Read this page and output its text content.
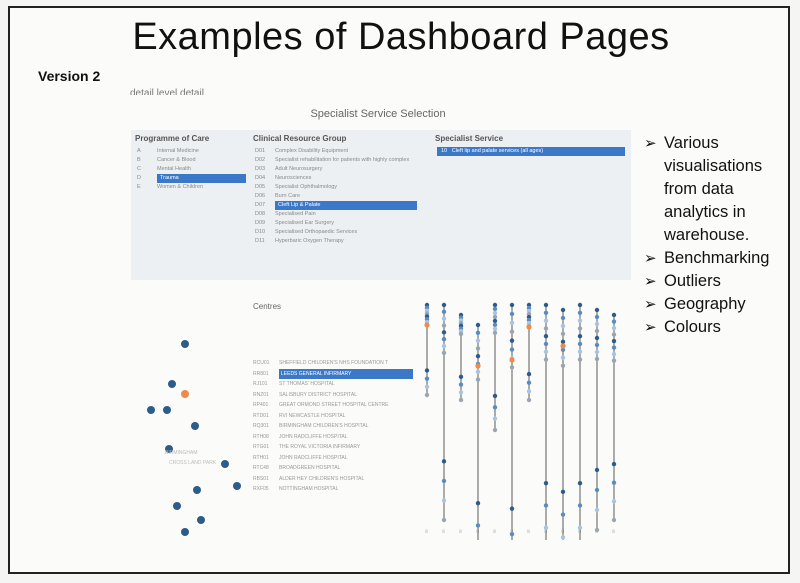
Examples of Dashboard Pages
Version 2
detail level detail.
Specialist Service Selection
Programme of Care
A	Internal Medicine
B	Cancer & Blood
C	Mental Health
D	Trauma
E	Women & Children
Clinical Resource Group
D01	Complex Disability Equipment
D02	Specialist rehabilitation for patients with highly complex
D03	Adult Neurosurgery
D04	Neurosciences
D05	Specialist Ophthalmology
D06	Burn Care
D07	Cleft Lip & Palate
D08	Specialised Pain
D09	Specialised Ear Surgery
D10	Specialised Orthopaedic Services
D11	Hyperbaric Oxygen Therapy
Specialist Service
10 Cleft lip and palate services (all ages)
BIRMINGHAM
CROSS LAND PARK
Centres
RCU01	SHEFFIELD CHILDREN'S NHS FOUNDATION T
RR801	LEEDS GENERAL INFIRMARY
RJ101	ST THOMAS' HOSPITAL
RNZ01	SALISBURY DISTRICT HOSPITAL
RP401	GREAT ORMOND STREET HOSPITAL CENTRE
RTD01	RVI NEWCASTLE HOSPITAL
RQ301	BIRMINGHAM CHILDREN'S HOSPITAL
RTH08	JOHN RADCLIFFE HOSPITAL
RTG01	THE ROYAL VICTORIA INFIRMARY
RTH01	JOHN RADCLIFFE HOSPITAL
RTC48	BROADGREEN HOSPITAL
RBS01	ALDER HEY CHILDREN'S HOSPITAL
RXF05	NOTTINGHAM HOSPITAL
|||	|||	|||	|||	|||	|||	|||	|||	|||	|||	|||	|||
➢ Various visualisations from data analytics in warehouse.
➢ Benchmarking
➢ Outliers
➢ Geography
➢ Colours
